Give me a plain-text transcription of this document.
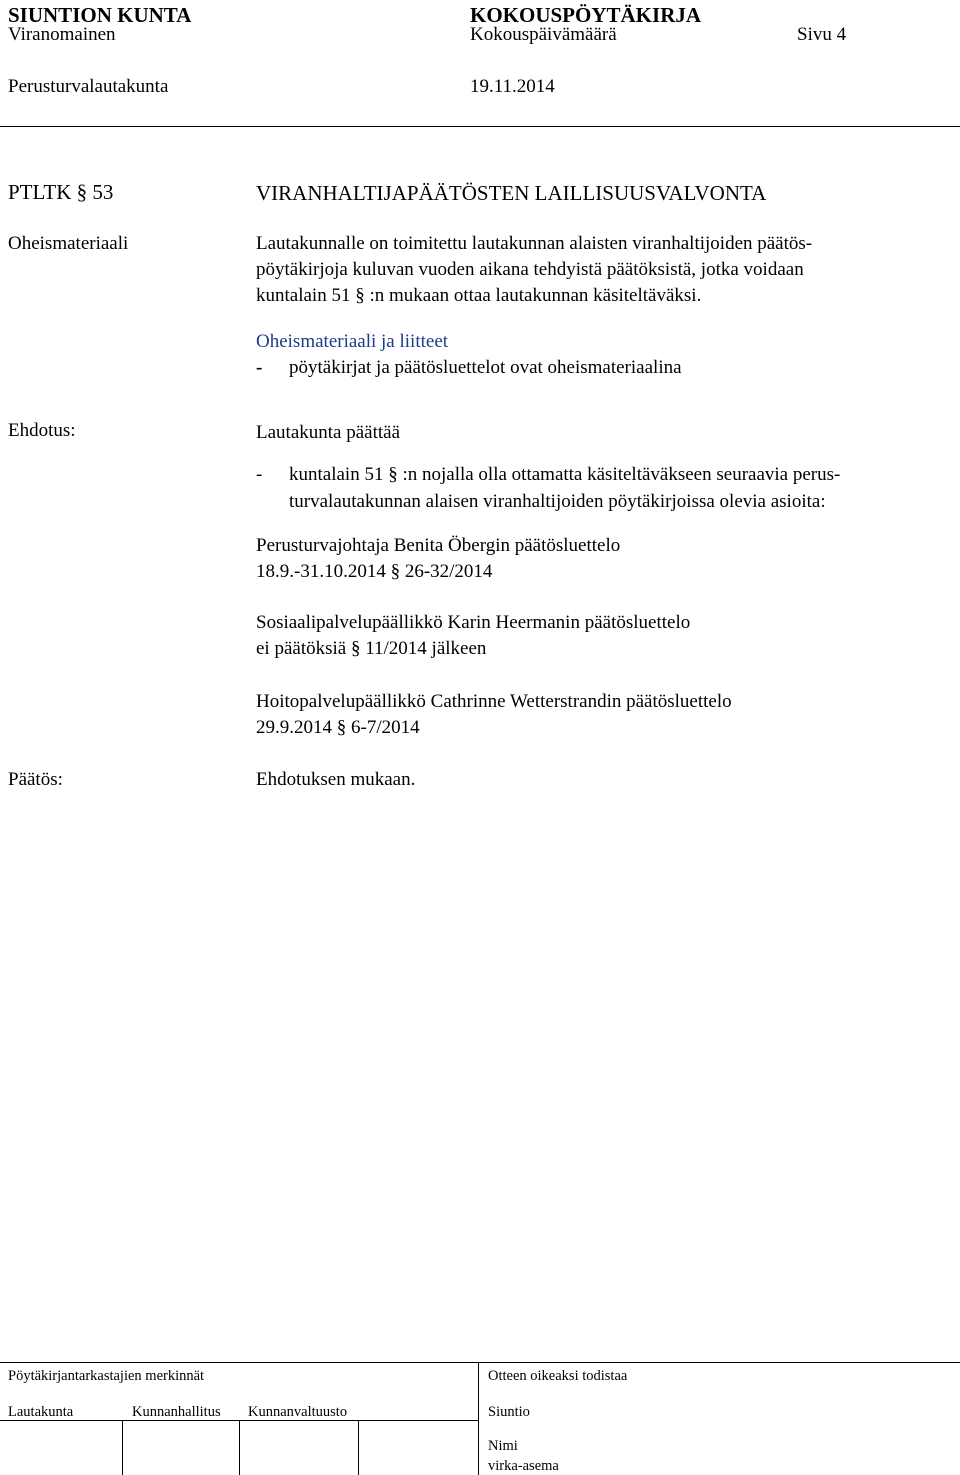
SIUNTION KUNTA	KOKOUSPÖYTÄKIRJA
Viranomainen	Kokouspäivämäärä	Sivu 4
Perusturvalautakunta	19.11.2014
PTLTK § 53	VIRANHALTIJAPÄÄTÖSTEN LAILLISUUSVALVONTA
Oheismateriaali	Lautakunnalle on toimitettu lautakunnan alaisten viranhaltijoiden päätös-

pöytäkirjoja kuluvan vuoden aikana tehdyistä päätöksistä, jotka voidaan

kuntalain 51 § :n mukaan ottaa lautakunnan käsiteltäväksi.

Oheismateriaali ja liitteet
- pöytäkirjat ja päätösluettelot ovat oheismateriaalina
Ehdotus:	Lautakunta päättää
- kuntalain 51 § :n nojalla olla ottamatta käsiteltäväkseen seuraavia perus-
turvalautakunnan alaisen viranhaltijoiden pöytäkirjoissa olevia asioita:

Perusturvajohtaja Benita Öbergin päätösluettelo

18.9.-31.10.2014 § 26-32/2014

Sosiaalipalvelupäällikkö Karin Heermanin päätösluettelo

ei päätöksiä § 11/2014 jälkeen

Hoitopalvelupäällikkö Cathrinne Wetterstrandin päätösluettelo

29.9.2014 § 6-7/2014

Päätös:	Ehdotuksen mukaan.
Pöytäkirjantarkastajien merkinnät	Otteen oikeaksi todistaa
Lautakunta	Kunnanhallitus Kunnanvaltuusto	Siuntio
Nimi
virka-asema
